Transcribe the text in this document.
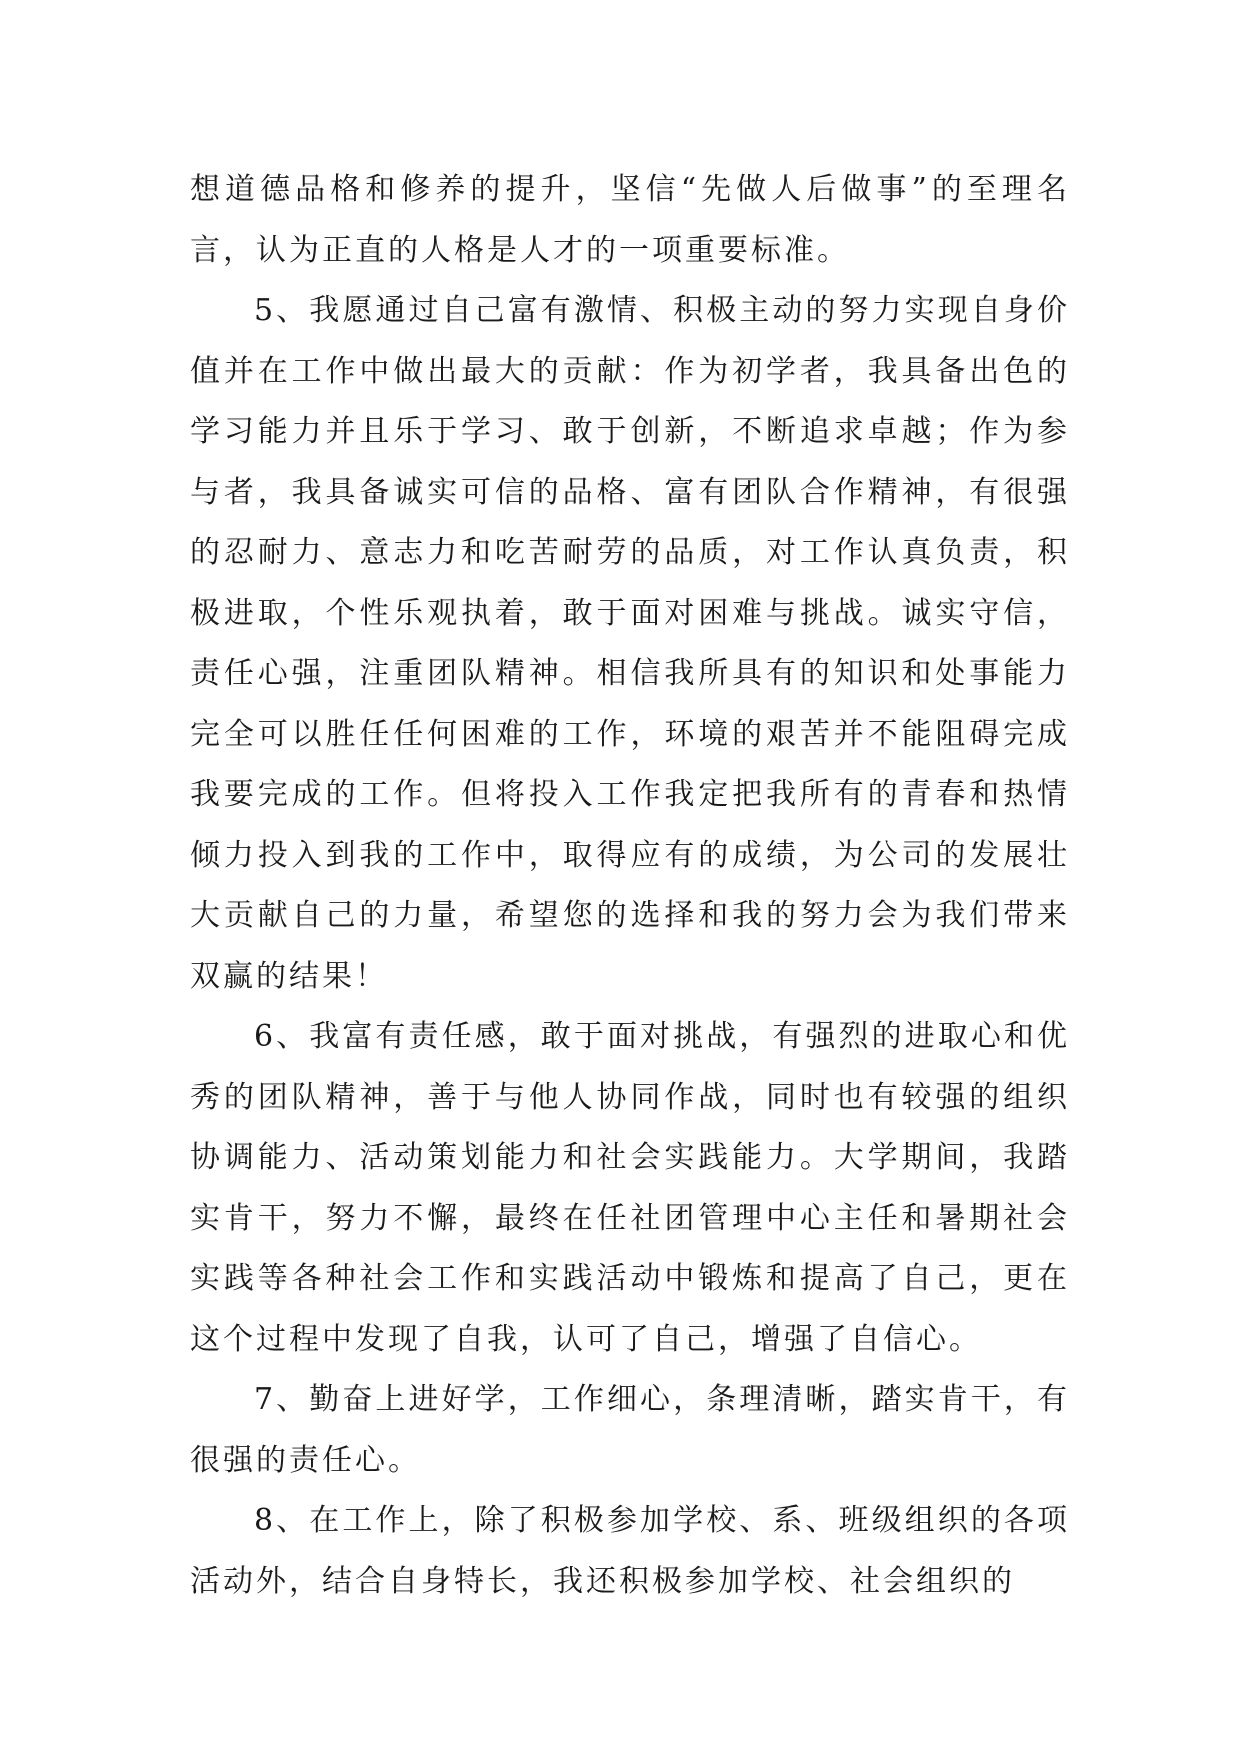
想道德品格和修养的提升，坚信“先做人后做事”的至理名言，认为正直的人格是人才的一项重要标准。

5、我愿通过自己富有激情、积极主动的努力实现自身价值并在工作中做出最大的贡献：作为初学者，我具备出色的学习能力并且乐于学习、敢于创新，不断追求卓越；作为参与者，我具备诚实可信的品格、富有团队合作精神，有很强的忍耐力、意志力和吃苦耐劳的品质，对工作认真负责，积极进取，个性乐观执着，敢于面对困难与挑战。诚实守信，责任心强，注重团队精神。相信我所具有的知识和处事能力完全可以胜任任何困难的工作，环境的艰苦并不能阻碍完成我要完成的工作。但将投入工作我定把我所有的青春和热情倾力投入到我的工作中，取得应有的成绩，为公司的发展壮大贡献自己的力量，希望您的选择和我的努力会为我们带来双赢的结果！

6、我富有责任感，敢于面对挑战，有强烈的进取心和优秀的团队精神，善于与他人协同作战，同时也有较强的组织协调能力、活动策划能力和社会实践能力。大学期间，我踏实肯干，努力不懈，最终在任社团管理中心主任和暑期社会实践等各种社会工作和实践活动中锻炼和提高了自己，更在这个过程中发现了自我，认可了自己，增强了自信心。

7、勤奋上进好学，工作细心，条理清晰，踏实肯干，有很强的责任心。

8、在工作上，除了积极参加学校、系、班级组织的各项活动外，结合自身特长，我还积极参加学校、社会组织的
